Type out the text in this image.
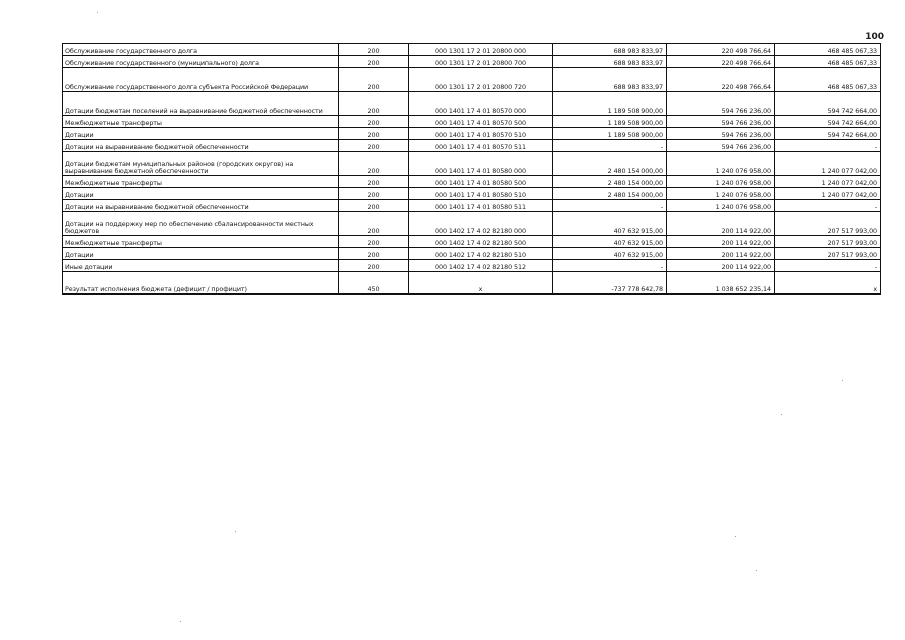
100
Обслуживание государственного долга	200	000 1301 17 2 01 20800 000	688 983 833,97	220 498 766,64	468 485 067,33
Обслуживание государственного (муниципального) долга	200	000 1301 17 2 01 20800 700	688 983 833,97	220 498 766,64	468 485 067,33
Обслуживание государственного долга субъекта Российской Федерации	200	000 1301 17 2 01 20800 720	688 983 833,97	220 498 766,64	468 485 067,33
Дотации бюджетам поселений на выравнивание бюджетной обеспеченности	200	000 1401 17 4 01 80570 000	1 189 508 900,00	594 766 236,00	594 742 664,00
Межбюджетные трансферты	200	000 1401 17 4 01 80570 500	1 189 508 900,00	594 766 236,00	594 742 664,00
Дотации	200	000 1401 17 4 01 80570 510	1 189 508 900,00	594 766 236,00	594 742 664,00
Дотации на выравнивание бюджетной обеспеченности	200	000 1401 17 4 01 80570 511	-	594 766 236,00	-
Дотации бюджетам муниципальных районов (городских округов) на выравнивание бюджетной обеспеченности	200	000 1401 17 4 01 80580 000	2 480 154 000,00	1 240 076 958,00	1 240 077 042,00
Межбюджетные трансферты	200	000 1401 17 4 01 80580 500	2 480 154 000,00	1 240 076 958,00	1 240 077 042,00
Дотации	200	000 1401 17 4 01 80580 510	2 480 154 000,00	1 240 076 958,00	1 240 077 042,00
Дотации на выравнивание бюджетной обеспеченности	200	000 1401 17 4 01 80580 511	-	1 240 076 958,00	-
Дотации на поддержку мер по обеспечению сбалансированности местных бюджетов	200	000 1402 17 4 02 82180 000	407 632 915,00	200 114 922,00	207 517 993,00
Межбюджетные трансферты	200	000 1402 17 4 02 82180 500	407 632 915,00	200 114 922,00	207 517 993,00
Дотации	200	000 1402 17 4 02 82180 510	407 632 915,00	200 114 922,00	207 517 993,00
Иные дотации	200	000 1402 17 4 02 82180 512	-	200 114 922,00	-
Результат исполнения бюджета (дефицит / профицит)	450	x	-737 778 642,78	1 038 652 235,14	x
